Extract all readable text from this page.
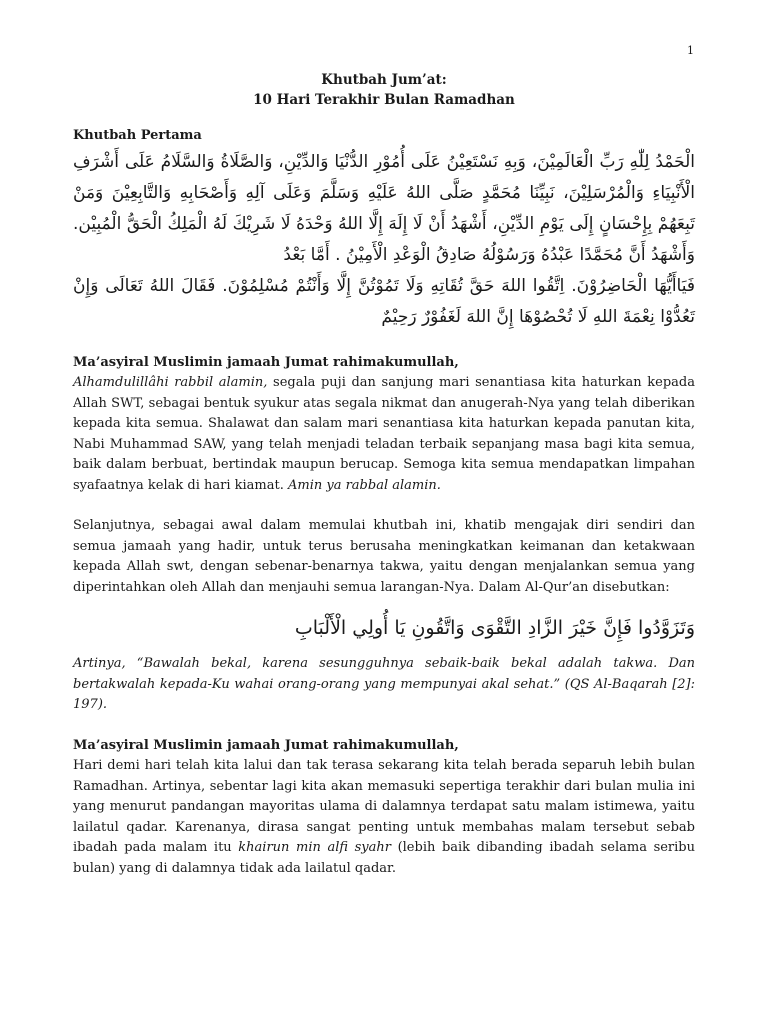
1
Khutbah Jum’at:
10 Hari Terakhir Bulan Ramadhan
Khutbah Pertama

الْحَمْدُ لِلّٰهِ رَبِّ الْعَالَمِيْنَ، وَبِهِ نَسْتَعِيْنُ عَلَى أُمُوْرِ الدُّنْيَا وَالدِّيْنِ، وَالصَّلَاةُ وَالسَّلَامُ عَلَى أَشْرَفِ الْأَنْبِيَاءِ وَالْمُرْسَلِيْنَ، نَبِيِّنَا مُحَمَّدٍ صَلَّى اللهُ عَلَيْهِ وَسَلَّمَ وَعَلَى آلِهِ وَأَصْحَابِهِ وَالتَّابِعِيْنَ وَمَنْ تَبِعَهُمْ بِإِحْسَانٍ إِلَى يَوْمِ الدِّيْنِ، أَشْهَدُ أَنْ لَا إِلَهَ إِلَّا اللهُ وَحْدَهُ لَا شَرِيْكَ لَهُ الْمَلِكُ الْحَقُّ الْمُبِيْن. وَأَشْهَدُ أَنَّ مُحَمَّدًا عَبْدُهُ وَرَسُوْلُهُ صَادِقُ الْوَعْدِ الْأَمِيْنُ . أَمَّا بَعْدُ

فَيَاأَيُّهَا الْحَاضِرُوْنَ. اِتَّقُوا اللهَ حَقَّ تُقَاتِهِ وَلَا تَمُوْتُنَّ إِلَّا وَأَنْتُمْ مُسْلِمُوْنَ. فَقَالَ اللهُ تَعَالَى وَإِنْ تَعُدُّوْا نِعْمَةَ اللهِ لَا تُحْصُوْهَا إِنَّ اللهَ لَغَفُوْرٌ رَحِيْمٌ

Ma’asyiral Muslimin jamaah Jumat rahimakumullah,

Alhamdulillâhi rabbil alamin, segala puji dan sanjung mari senantiasa kita haturkan kepada Allah SWT, sebagai bentuk syukur atas segala nikmat dan anugerah-Nya yang telah diberikan kepada kita semua. Shalawat dan salam mari senantiasa kita haturkan kepada panutan kita, Nabi Muhammad SAW, yang telah menjadi teladan terbaik sepanjang masa bagi kita semua, baik dalam berbuat, bertindak maupun berucap. Semoga kita semua mendapatkan limpahan syafaatnya kelak di hari kiamat. Amin ya rabbal alamin.

Selanjutnya, sebagai awal dalam memulai khutbah ini, khatib mengajak diri sendiri dan semua jamaah yang hadir, untuk terus berusaha meningkatkan keimanan dan ketakwaan kepada Allah swt, dengan sebenar-benarnya takwa, yaitu dengan menjalankan semua yang diperintahkan oleh Allah dan menjauhi semua larangan-Nya. Dalam Al-Qur’an disebutkan:

وَتَزَوَّدُوا فَإِنَّ خَيْرَ الزَّادِ التَّقْوَى وَاتَّقُونِ يَا أُولِي الْأَلْبَابِ

Artinya, “Bawalah bekal, karena sesungguhnya sebaik-baik bekal adalah takwa. Dan bertakwalah kepada-Ku wahai orang-orang yang mempunyai akal sehat.” (QS Al-Baqarah [2]: 197).

Ma’asyiral Muslimin jamaah Jumat rahimakumullah,

Hari demi hari telah kita lalui dan tak terasa sekarang kita telah berada separuh lebih bulan Ramadhan. Artinya, sebentar lagi kita akan memasuki sepertiga terakhir dari bulan mulia ini yang menurut pandangan mayoritas ulama di dalamnya terdapat satu malam istimewa, yaitu lailatul qadar. Karenanya, dirasa sangat penting untuk membahas malam tersebut sebab ibadah pada malam itu khairun min alfi syahr (lebih baik dibanding ibadah selama seribu bulan) yang di dalamnya tidak ada lailatul qadar.
